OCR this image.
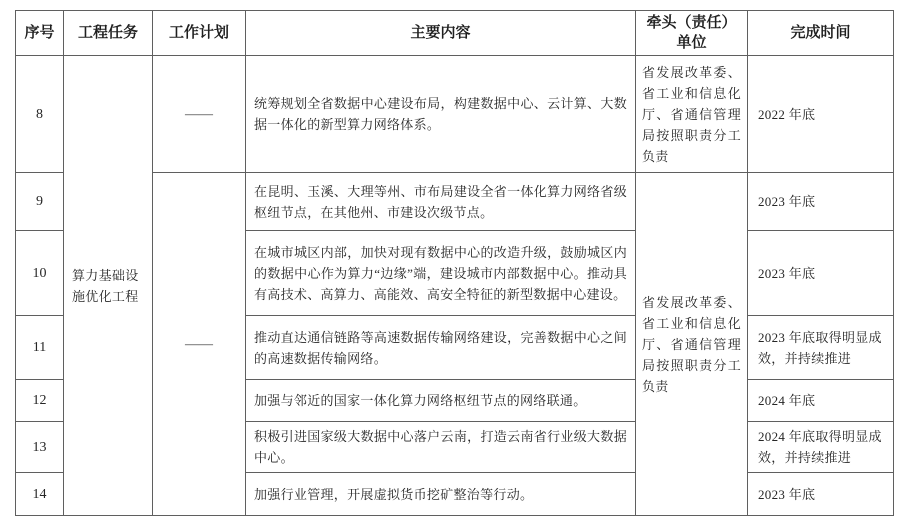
序号	工程任务	工作计划	主要内容	牵头（责任）单位	完成时间
8	算力基础设施优化工程	——	统筹规划全省数据中心建设布局，构建数据中心、云计算、大数据一体化的新型算力网络体系。	省发展改革委、省工业和信息化厅、省通信管理局按照职责分工负责	2022 年底
9		——	在昆明、玉溪、大理等州、市布局建设全省一体化算力网络省级枢纽节点，在其他州、市建设次级节点。	省发展改革委、省工业和信息化厅、省通信管理局按照职责分工负责	2023 年底
10			在城市城区内部，加快对现有数据中心的改造升级，鼓励城区内的数据中心作为算力“边缘”端，建设城市内部数据中心。推动具有高技术、高算力、高能效、高安全特征的新型数据中心建设。		2023 年底
11			推动直达通信链路等高速数据传输网络建设，完善数据中心之间的高速数据传输网络。		2023 年底取得明显成效，并持续推进
12			加强与邻近的国家一体化算力网络枢纽节点的网络联通。		2024 年底
13			积极引进国家级大数据中心落户云南，打造云南省行业级大数据中心。		2024 年底取得明显成效，并持续推进
14			加强行业管理，开展虚拟货币挖矿整治等行动。		2023 年底
